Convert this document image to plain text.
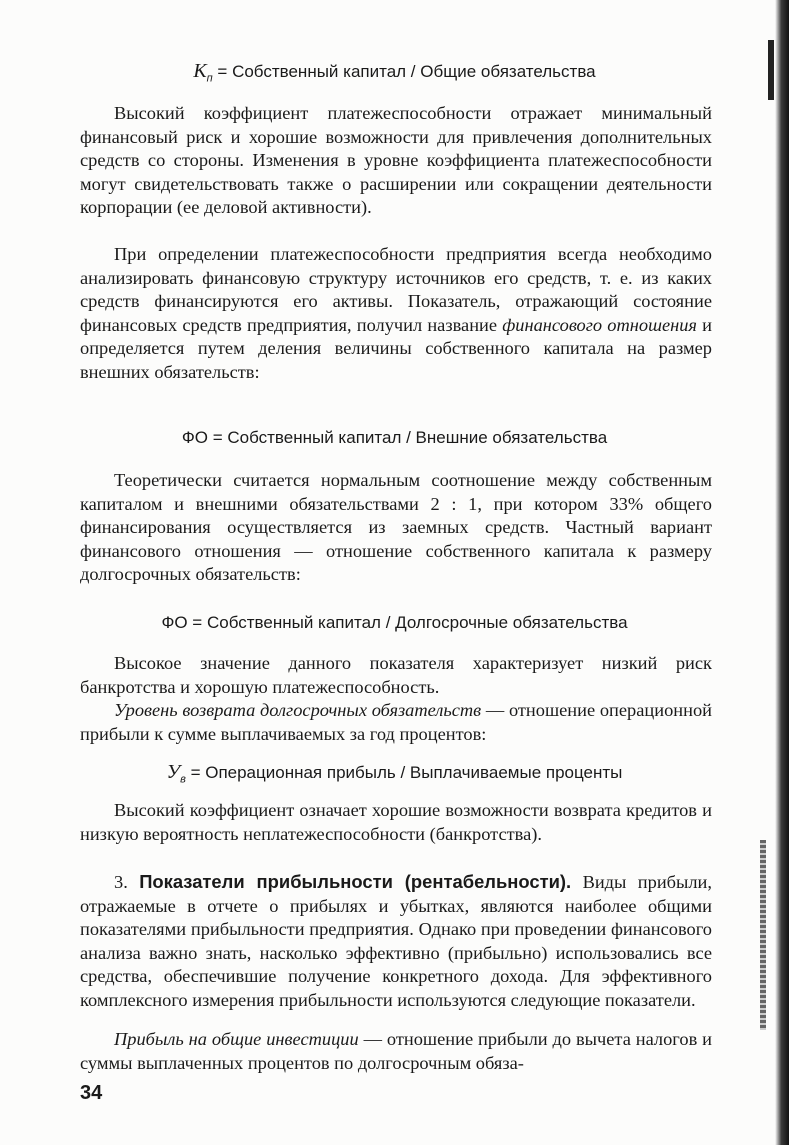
$К_п$ = Собственный капитал / Общие обязательства

Высокий коэффициент платежеспособности отражает минимальный финансовый риск и хорошие возможности для привлечения дополнительных средств со стороны. Изменения в уровне коэффициента платежеспособности могут свидетельствовать также о расширении или сокращении деятельности корпорации (ее деловой активности).

При определении платежеспособности предприятия всегда необходимо анализировать финансовую структуру источников его средств, т. е. из каких средств финансируются его активы. Показатель, отражающий состояние финансовых средств предприятия, получил название финансового отношения и определяется путем деления величины собственного капитала на размер внешних обязательств:

ФО = Собственный капитал / Внешние обязательства

Теоретически считается нормальным соотношение между собственным капиталом и внешними обязательствами 2 : 1, при котором 33% общего финансирования осуществляется из заемных средств. Частный вариант финансового отношения — отношение собственного капитала к размеру долгосрочных обязательств:

ФО = Собственный капитал / Долгосрочные обязательства

Высокое значение данного показателя характеризует низкий риск банкротства и хорошую платежеспособность.

Уровень возврата долгосрочных обязательств — отношение операционной прибыли к сумме выплачиваемых за год процентов:

$У_в$ = Операционная прибыль / Выплачиваемые проценты

Высокий коэффициент означает хорошие возможности возврата кредитов и низкую вероятность неплатежеспособности (банкротства).

3. Показатели прибыльности (рентабельности). Виды прибыли, отражаемые в отчете о прибылях и убытках, являются наиболее общими показателями прибыльности предприятия. Однако при проведении финансового анализа важно знать, насколько эффективно (прибыльно) использовались все средства, обеспечившие получение конкретного дохода. Для эффективного комплексного измерения прибыльности используются следующие показатели.

Прибыль на общие инвестиции — отношение прибыли до вычета налогов и суммы выплаченных процентов по долгосрочным обяза-

34
